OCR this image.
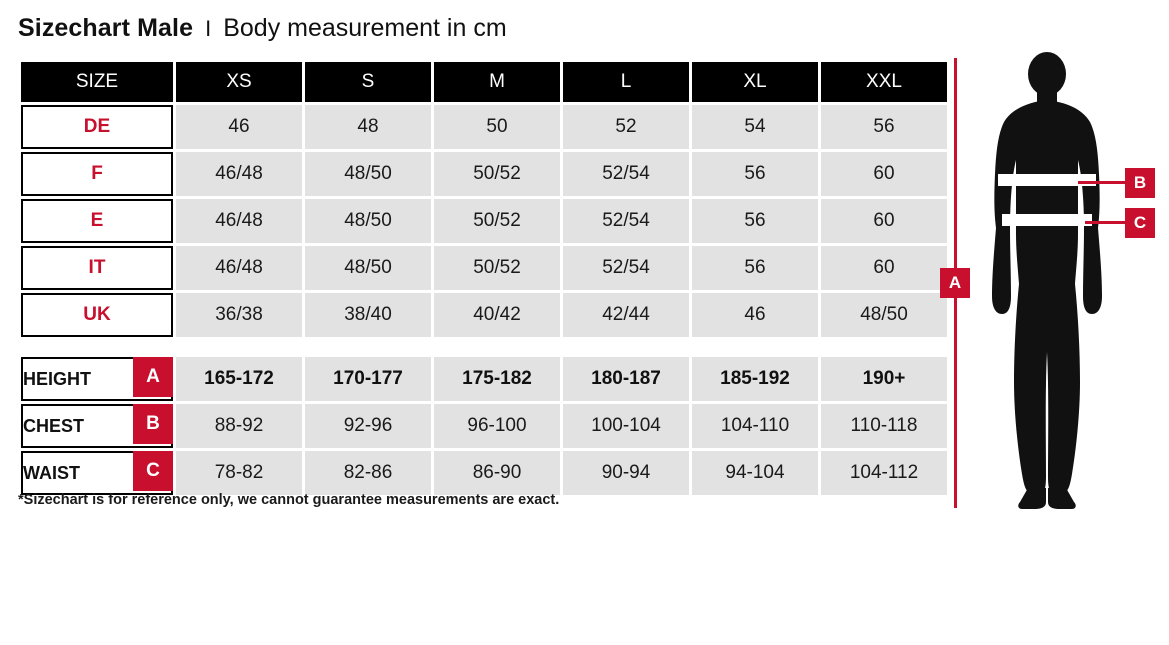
Sizechart Male I Body measurement in cm
SIZE	XS	S	M	L	XL	XXL
DE	46	48	50	52	54	56
F	46/48	48/50	50/52	52/54	56	60
E	46/48	48/50	50/52	52/54	56	60
IT	46/48	48/50	50/52	52/54	56	60
UK	36/38	38/40	40/42	42/44	46	48/50

HEIGHT A	165-172	170-177	175-182	180-187	185-192	190+
CHEST B	88-92	92-96	96-100	100-104	104-110	110-118
WAIST C	78-82	82-86	86-90	90-94	94-104	104-112
*Sizechart is for reference only, we cannot guarantee measurements are exact.
A
B
C
